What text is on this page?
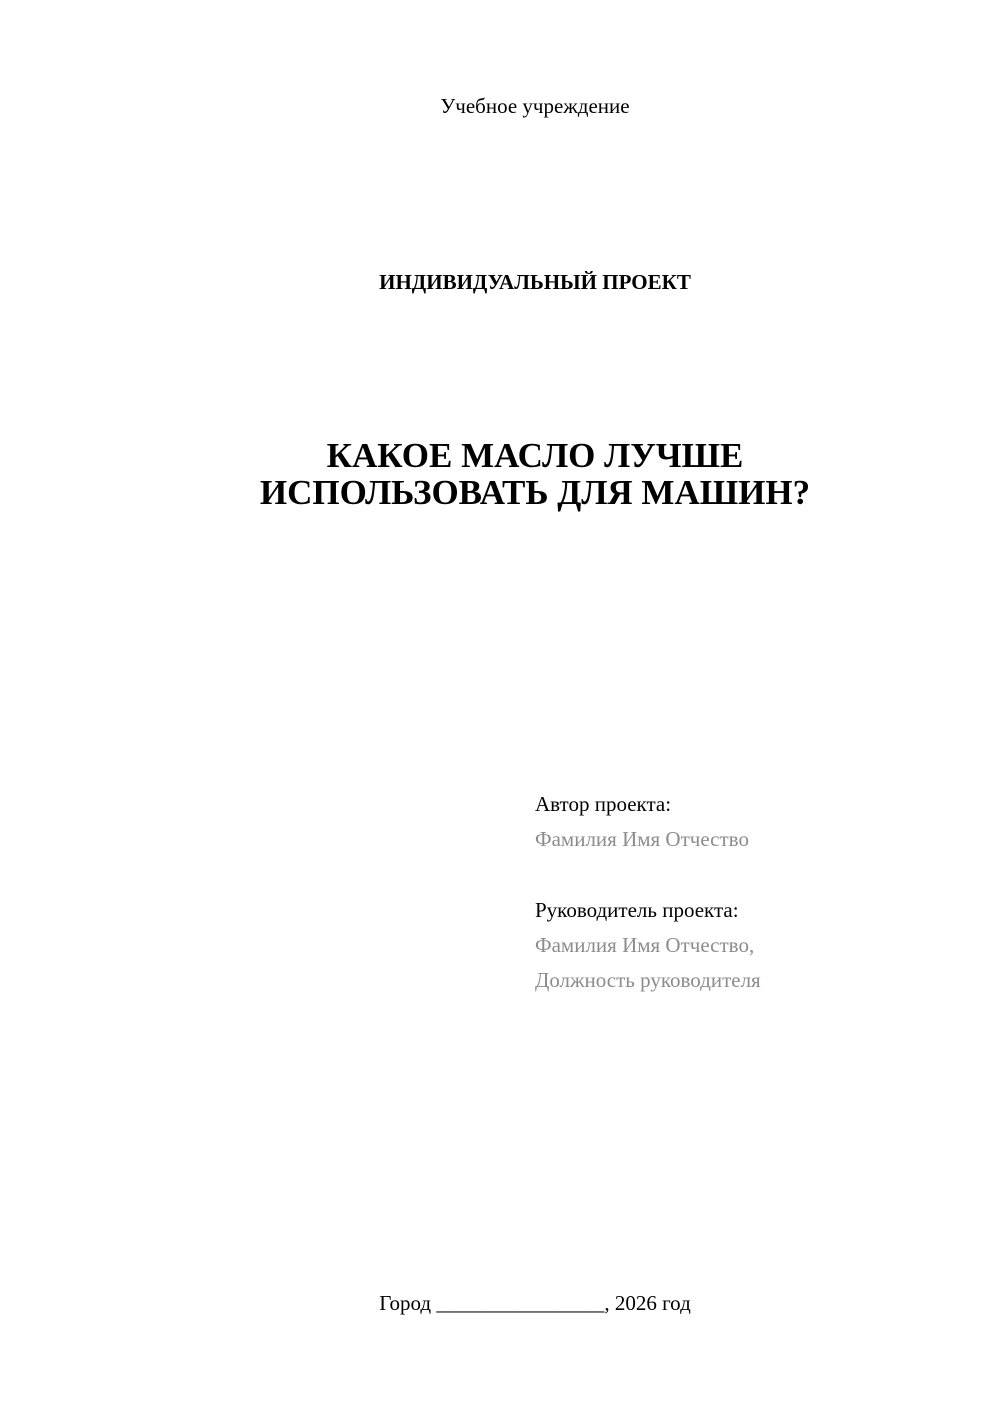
Учебное учреждение
ИНДИВИДУАЛЬНЫЙ ПРОЕКТ
КАКОЕ МАСЛО ЛУЧШЕ
ИСПОЛЬЗОВАТЬ ДЛЯ МАШИН?
Автор проекта:
Фамилия Имя Отчество
Руководитель проекта:
Фамилия Имя Отчество,
Должность руководителя
Город ________________, 2026 год
